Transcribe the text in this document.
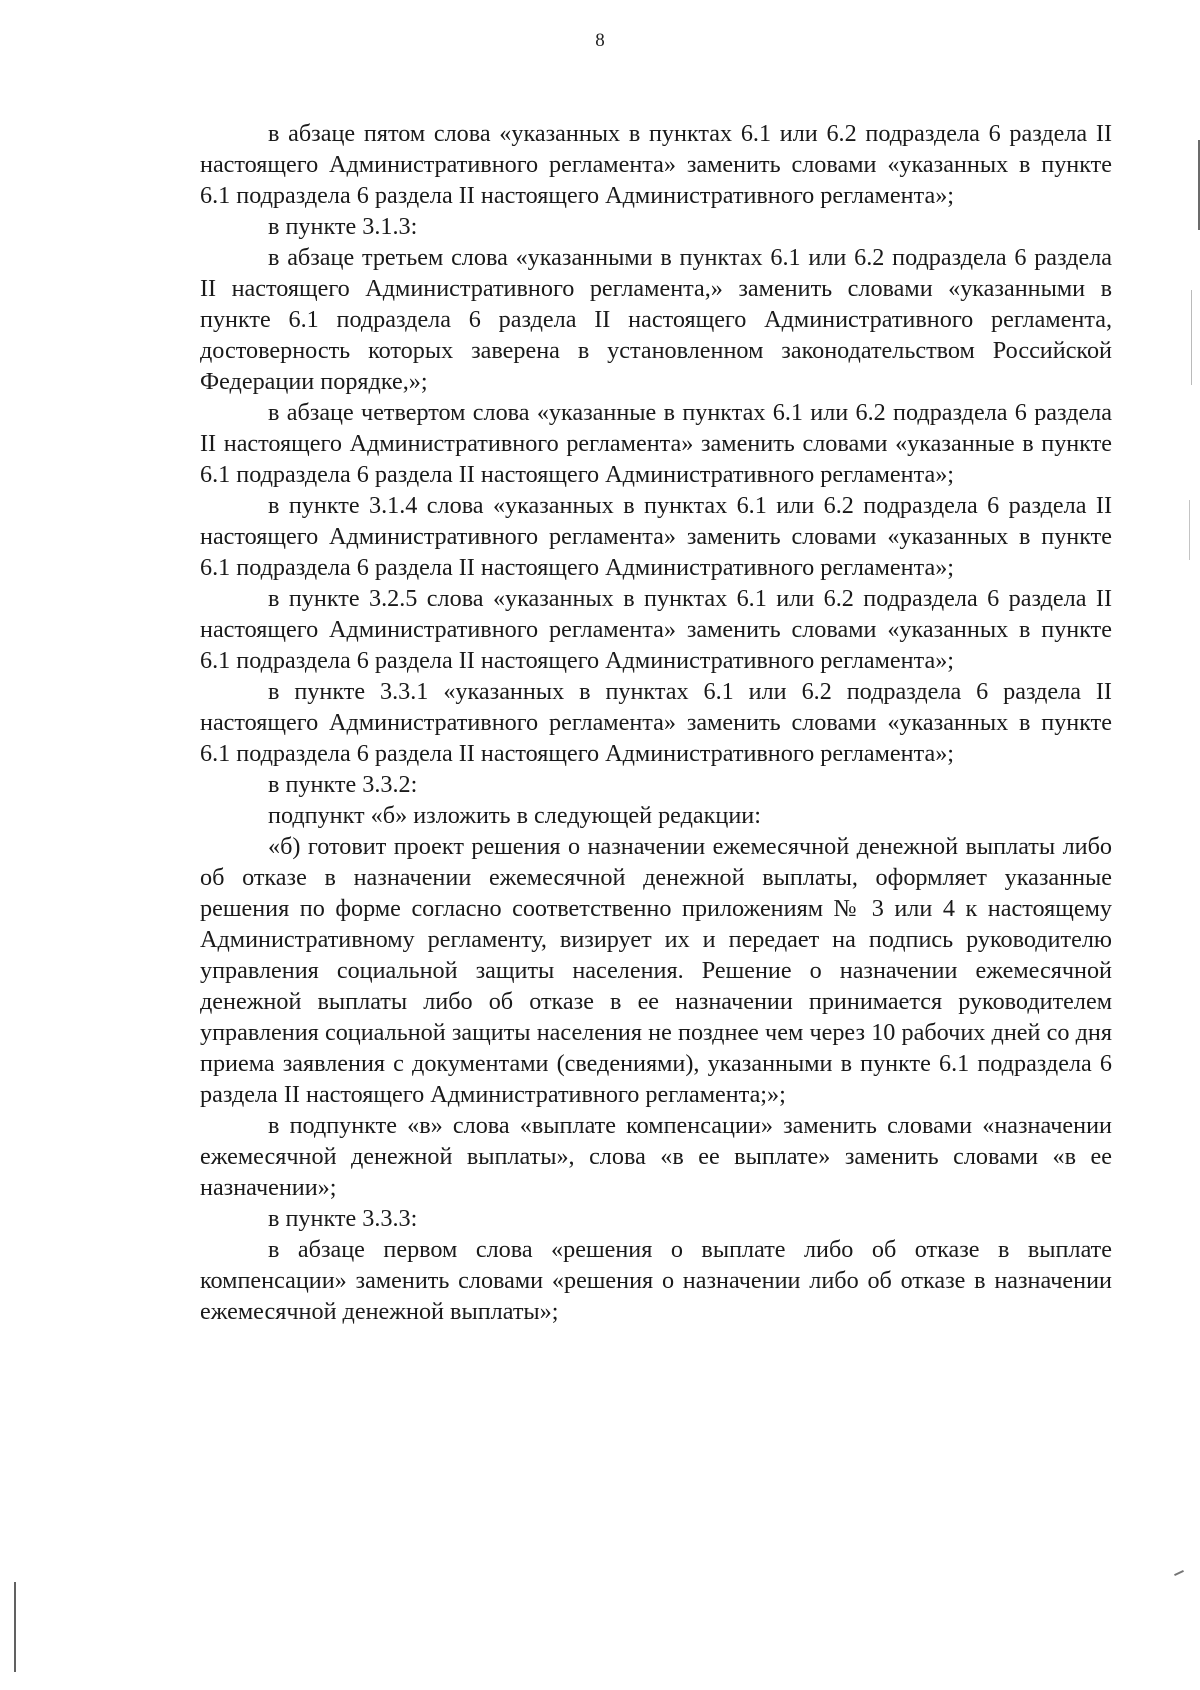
8

в абзаце пятом слова «указанных в пунктах 6.1 или 6.2 подраздела 6 раздела II настоящего Административного регламента» заменить словами «указанных в пункте 6.1 подраздела 6 раздела II настоящего Административного регламента»;

в пункте 3.1.3:

в абзаце третьем слова «указанными в пунктах 6.1 или 6.2 подраздела 6 раздела II настоящего Административного регламента,» заменить словами «указанными в пункте 6.1 подраздела 6 раздела II настоящего Административного регламента, достоверность которых заверена в установленном законодательством Российской Федерации порядке,»;

в абзаце четвертом слова «указанные в пунктах 6.1 или 6.2 подраздела 6 раздела II настоящего Административного регламента» заменить словами «указанные в пункте 6.1 подраздела 6 раздела II настоящего Административного регламента»;

в пункте 3.1.4 слова «указанных в пунктах 6.1 или 6.2 подраздела 6 раздела II настоящего Административного регламента» заменить словами «указанных в пункте 6.1 подраздела 6 раздела II настоящего Административного регламента»;

в пункте 3.2.5 слова «указанных в пунктах 6.1 или 6.2 подраздела 6 раздела II настоящего Административного регламента» заменить словами «указанных в пункте 6.1 подраздела 6 раздела II настоящего Административного регламента»;

в пункте 3.3.1 «указанных в пунктах 6.1 или 6.2 подраздела 6 раздела II настоящего Административного регламента» заменить словами «указанных в пункте 6.1 подраздела 6 раздела II настоящего Административного регламента»;

в пункте 3.3.2:

подпункт «б» изложить в следующей редакции:

«б) готовит проект решения о назначении ежемесячной денежной выплаты либо об отказе в назначении ежемесячной денежной выплаты, оформляет указанные решения по форме согласно соответственно приложениям № 3 или 4 к настоящему Административному регламенту, визирует их и передает на подпись руководителю управления социальной защиты населения. Решение о назначении ежемесячной денежной выплаты либо об отказе в ее назначении принимается руководителем управления социальной защиты населения не позднее чем через 10 рабочих дней со дня приема заявления с документами (сведениями), указанными в пункте 6.1 подраздела 6 раздела II настоящего Административного регламента;»;

в подпункте «в» слова «выплате компенсации» заменить словами «назначении ежемесячной денежной выплаты», слова «в ее выплате» заменить словами «в ее назначении»;

в пункте 3.3.3:

в абзаце первом слова «решения о выплате либо об отказе в выплате компенсации» заменить словами «решения о назначении либо об отказе в назначении ежемесячной денежной выплаты»;
